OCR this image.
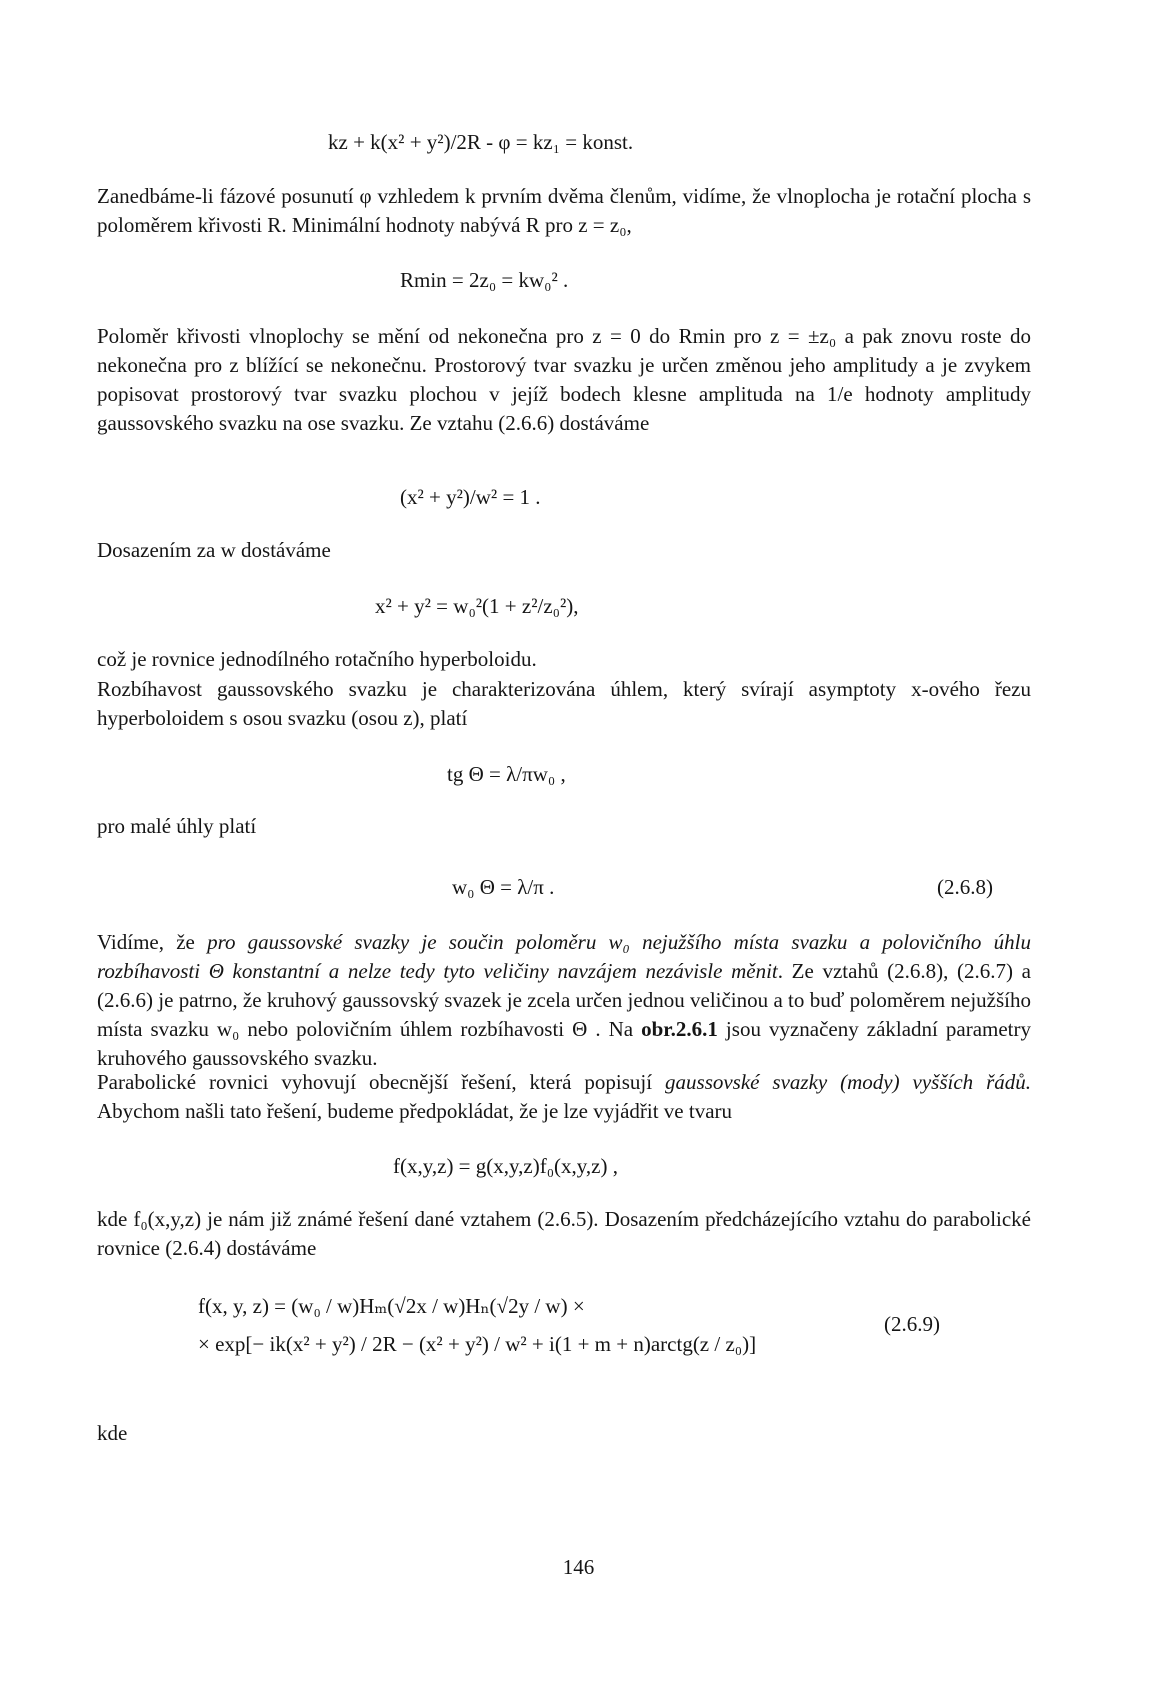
kz + k(x² + y²)/2R - φ = kz₁ = konst.

Zanedbáme-li fázové posunutí φ vzhledem k prvním dvěma členům, vidíme, že vlnoplocha je rotační plocha s poloměrem křivosti R. Minimální hodnoty nabývá R pro z = z₀,

Rmin = 2z₀ = kw₀² .

Poloměr křivosti vlnoplochy se mění od nekonečna pro z = 0 do Rmin pro z = ±z₀ a pak znovu roste do nekonečna pro z blížící se nekonečnu. Prostorový tvar svazku je určen změnou jeho amplitudy a je zvykem popisovat prostorový tvar svazku plochou v jejíž bodech klesne amplituda na 1/e hodnoty amplitudy gaussovského svazku na ose svazku. Ze vztahu (2.6.6) dostáváme

(x² + y²)/w² = 1 .

Dosazením za w dostáváme

x² + y² = w₀²(1 + z²/z₀²),

což je rovnice jednodílného rotačního hyperboloidu.

Rozbíhavost gaussovského svazku je charakterizována úhlem, který svírají asymptoty x-ového řezu hyperboloidem s osou svazku (osou z), platí

tg Θ = λ/πw₀ ,

pro malé úhly platí

w₀ Θ = λ/π .	(2.6.8)

Vidíme, že pro gaussovské svazky je součin poloměru w₀ nejužšího místa svazku a polovičního úhlu rozbíhavosti Θ konstantní a nelze tedy tyto veličiny navzájem nezávisle měnit. Ze vztahů (2.6.8), (2.6.7) a (2.6.6) je patrno, že kruhový gaussovský svazek je zcela určen jednou veličinou a to buď poloměrem nejužšího místa svazku w₀ nebo polovičním úhlem rozbíhavosti Θ . Na obr.2.6.1 jsou vyznačeny základní parametry kruhového gaussovského svazku.

Parabolické rovnici vyhovují obecnější řešení, která popisují gaussovské svazky (mody) vyšších řádů. Abychom našli tato řešení, budeme předpokládat, že je lze vyjádřit ve tvaru

f(x,y,z) = g(x,y,z)f₀(x,y,z) ,

kde f₀(x,y,z) je nám již známé řešení dané vztahem (2.6.5). Dosazením předcházejícího vztahu do parabolické rovnice (2.6.4) dostáváme

f(x, y, z) = (w₀ / w)Hₘ(√2x / w)Hₙ(√2y / w) ×
× exp[− ik(x² + y²) / 2R − (x² + y²) / w² + i(1 + m + n)arctg(z / z₀)]
(2.6.9)

kde

146
